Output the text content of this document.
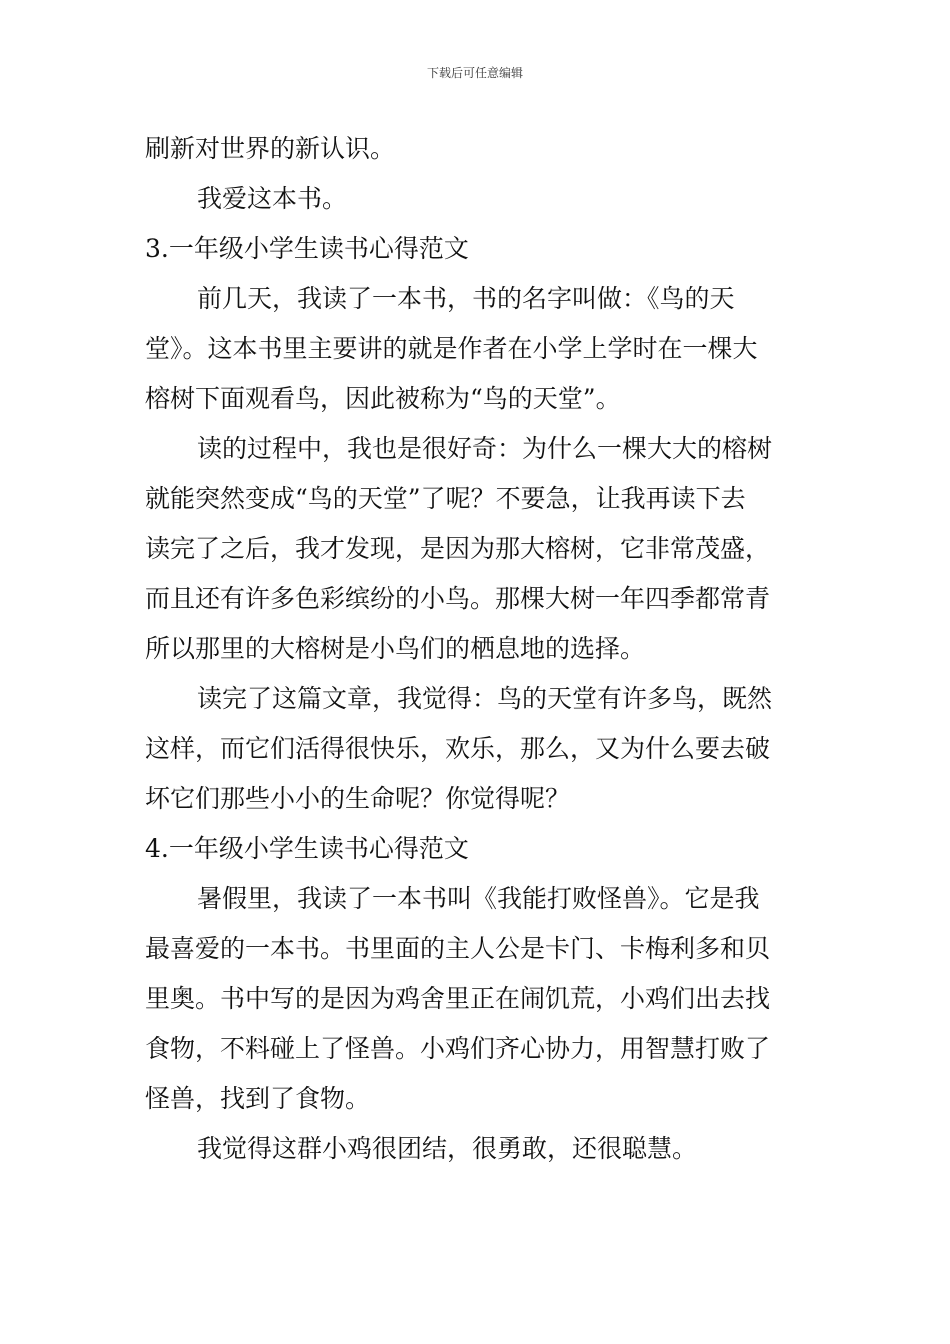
下载后可任意编辑
刷新对世界的新认识。
我爱这本书。
3.一年级小学生读书心得范文
前几天，我读了一本书，书的名字叫做：《鸟的天
堂》。这本书里主要讲的就是作者在小学上学时在一棵大
榕树下面观看鸟，因此被称为“鸟的天堂”。
读的过程中，我也是很好奇：为什么一棵大大的榕树
就能突然变成“鸟的天堂”了呢？不要急，让我再读下去
读完了之后，我才发现，是因为那大榕树，它非常茂盛，
而且还有许多色彩缤纷的小鸟。那棵大树一年四季都常青
所以那里的大榕树是小鸟们的栖息地的选择。
读完了这篇文章，我觉得：鸟的天堂有许多鸟，既然
这样，而它们活得很快乐，欢乐，那么，又为什么要去破
坏它们那些小小的生命呢？你觉得呢？
4.一年级小学生读书心得范文
暑假里，我读了一本书叫《我能打败怪兽》。它是我
最喜爱的一本书。书里面的主人公是卡门、卡梅利多和贝
里奥。书中写的是因为鸡舍里正在闹饥荒，小鸡们出去找
食物，不料碰上了怪兽。小鸡们齐心协力，用智慧打败了
怪兽，找到了食物。
我觉得这群小鸡很团结，很勇敢，还很聪慧。
